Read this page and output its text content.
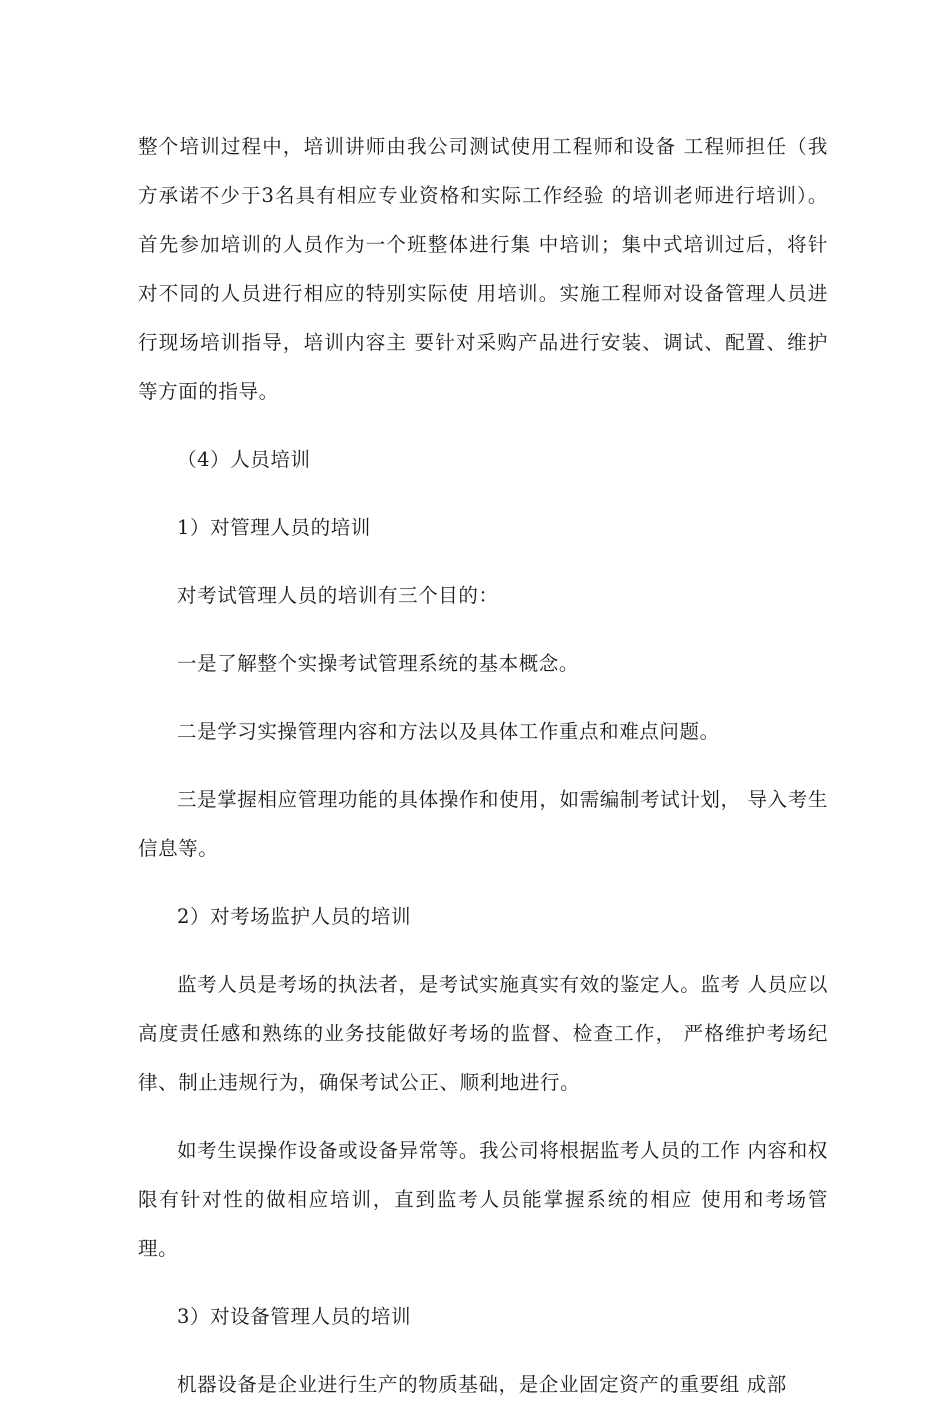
整个培训过程中，培训讲师由我公司测试使用工程师和设备 工程师担任（我方承诺不少于3名具有相应专业资格和实际工作经验 的培训老师进行培训）。首先参加培训的人员作为一个班整体进行集 中培训；集中式培训过后，将针对不同的人员进行相应的特别实际使 用培训。实施工程师对设备管理人员进行现场培训指导，培训内容主 要针对采购产品进行安装、调试、配置、维护等方面的指导。

（4）人员培训

1）对管理人员的培训

对考试管理人员的培训有三个目的：

一是了解整个实操考试管理系统的基本概念。

二是学习实操管理内容和方法以及具体工作重点和难点问题。

三是掌握相应管理功能的具体操作和使用，如需编制考试计划， 导入考生信息等。

2）对考场监护人员的培训

监考人员是考场的执法者，是考试实施真实有效的鉴定人。监考 人员应以高度责任感和熟练的业务技能做好考场的监督、检查工作， 严格维护考场纪律、制止违规行为，确保考试公正、顺利地进行。

如考生误操作设备或设备异常等。我公司将根据监考人员的工作 内容和权限有针对性的做相应培训，直到监考人员能掌握系统的相应 使用和考场管理。

3）对设备管理人员的培训

机器设备是企业进行生产的物质基础，是企业固定资产的重要组 成部
